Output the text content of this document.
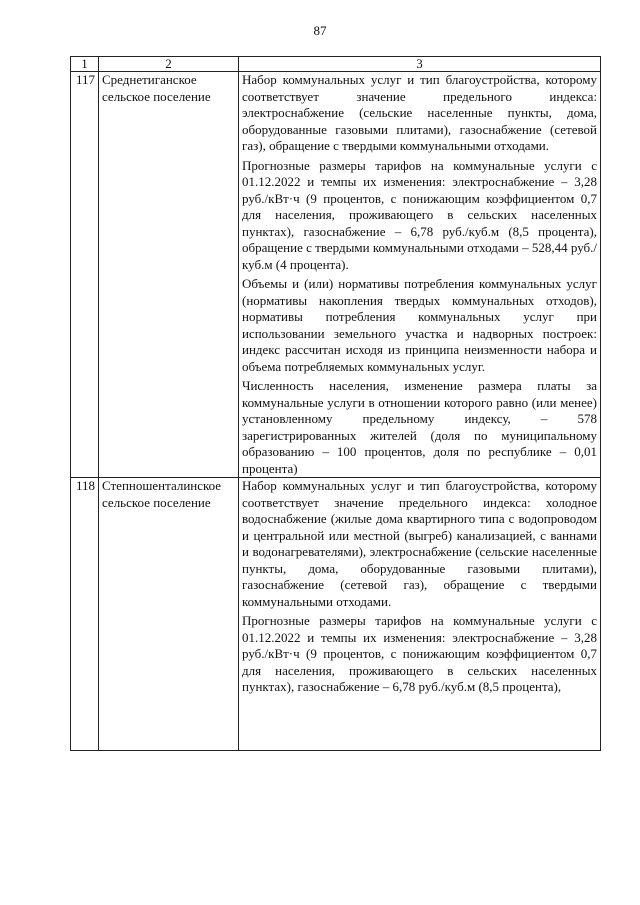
87
1	2	3
117	Среднетиганское сельское поселение	Набор коммунальных услуг и тип благоустройства, которому соответствует значение предельного индекса: электроснабжение (сельские населенные пункты, дома, оборудованные газовыми плитами), газоснабжение (сетевой газ), обращение с твердыми коммунальными отходами.

Прогнозные размеры тарифов на коммунальные услуги с 01.12.2022 и темпы их изменения: электроснабжение – 3,28 руб./кВт·ч (9 процентов, с понижающим коэффициентом 0,7 для населения, проживающего в сельских населенных пунктах), газоснабжение – 6,78 руб./куб.м (8,5 процента), обращение с твердыми коммунальными отходами – 528,44 руб./куб.м (4 процента).

Объемы и (или) нормативы потребления коммунальных услуг (нормативы накопления твердых коммунальных отходов), нормативы потребления коммунальных услуг при использовании земельного участка и надворных построек: индекс рассчитан исходя из принципа неизменности набора и объема потребляемых коммунальных услуг.

Численность населения, изменение размера платы за коммунальные услуги в отношении которого равно (или менее) установленному предельному индексу, – 578 зарегистрированных жителей (доля по муниципальному образованию – 100 процентов, доля по республике – 0,01 процента)

118	Степношенталинское сельское поселение	Набор коммунальных услуг и тип благоустройства, которому соответствует значение предельного индекса: холодное водоснабжение (жилые дома квартирного типа с водопроводом и центральной или местной (выгреб) канализацией, с ваннами и водонагревателями), электроснабжение (сельские населенные пункты, дома, оборудованные газовыми плитами), газоснабжение (сетевой газ), обращение с твердыми коммунальными отходами.

Прогнозные размеры тарифов на коммунальные услуги с 01.12.2022 и темпы их изменения: электроснабжение – 3,28 руб./кВт·ч (9 процентов, с понижающим коэффициентом 0,7 для населения, проживающего в сельских населенных пунктах), газоснабжение – 6,78 руб./куб.м (8,5 процента),
